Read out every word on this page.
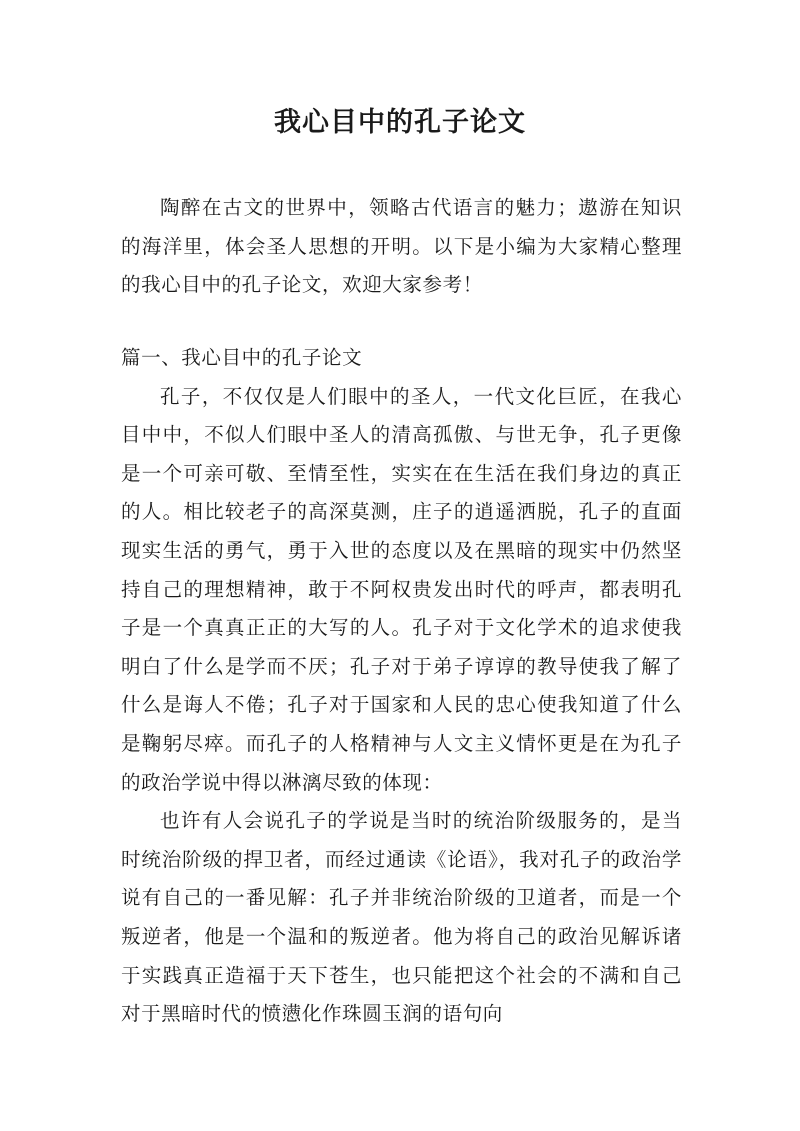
我心目中的孔子论文

陶醉在古文的世界中，领略古代语言的魅力；遨游在知识的海洋里，体会圣人思想的开明。以下是小编为大家精心整理的我心目中的孔子论文，欢迎大家参考！

篇一、我心目中的孔子论文

孔子，不仅仅是人们眼中的圣人，一代文化巨匠，在我心目中中，不似人们眼中圣人的清高孤傲、与世无争，孔子更像是一个可亲可敬、至情至性，实实在在生活在我们身边的真正的人。相比较老子的高深莫测，庄子的逍遥洒脱，孔子的直面现实生活的勇气，勇于入世的态度以及在黑暗的现实中仍然坚持自己的理想精神，敢于不阿权贵发出时代的呼声，都表明孔子是一个真真正正的大写的人。孔子对于文化学术的追求使我明白了什么是学而不厌；孔子对于弟子谆谆的教导使我了解了什么是诲人不倦；孔子对于国家和人民的忠心使我知道了什么是鞠躬尽瘁。而孔子的人格精神与人文主义情怀更是在为孔子的政治学说中得以淋漓尽致的体现：

也许有人会说孔子的学说是当时的统治阶级服务的，是当时统治阶级的捍卫者，而经过通读《论语》，我对孔子的政治学说有自己的一番见解：孔子并非统治阶级的卫道者，而是一个叛逆者，他是一个温和的叛逆者。他为将自己的政治见解诉诸于实践真正造福于天下苍生，也只能把这个社会的不满和自己对于黑暗时代的愤懑化作珠圆玉润的语句向
